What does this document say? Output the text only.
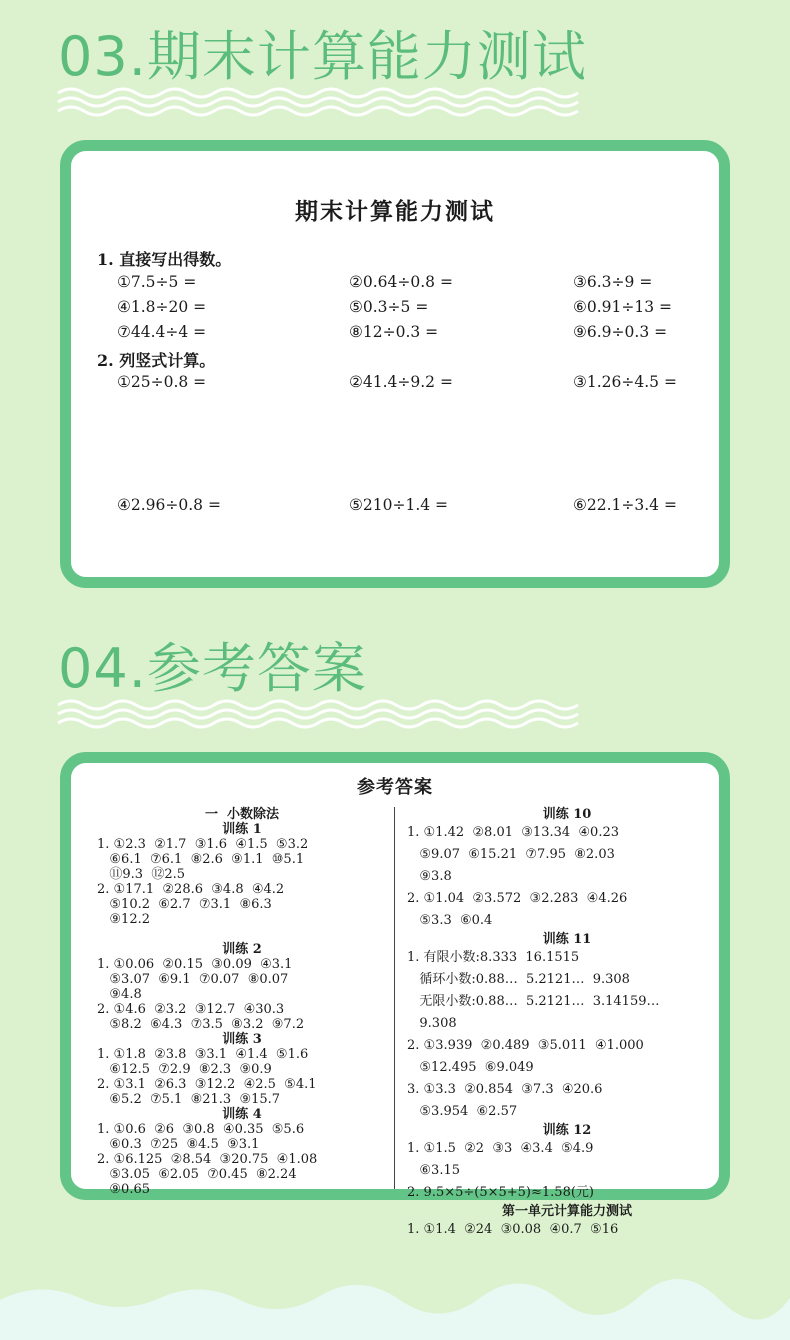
03.期末计算能力测试
期末计算能力测试
1. 直接写出得数。
①7.5÷5 =	②0.64÷0.8 =	③6.3÷9 =
④1.8÷20 =	⑤0.3÷5 =	⑥0.91÷13 =
⑦44.4÷4 =	⑧12÷0.3 =	⑨6.9÷0.3 =
2. 列竖式计算。
①25÷0.8 =	②41.4÷9.2 =	③1.26÷4.5 =
④2.96÷0.8 =	⑤210÷1.4 =	⑥22.1÷3.4 =
04.参考答案
参考答案
一  小数除法
训练 1
1. ①2.3  ②1.7  ③1.6  ④1.5  ⑤3.2
⑥6.1  ⑦6.1  ⑧2.6  ⑨1.1  ⑩5.1
⑪9.3  ⑫2.5
2. ①17.1  ②28.6  ③4.8  ④4.2
⑤10.2  ⑥2.7  ⑦3.1  ⑧6.3
⑨12.2
训练 2
1. ①0.06  ②0.15  ③0.09  ④3.1
⑤3.07  ⑥9.1  ⑦0.07  ⑧0.07
⑨4.8
2. ①4.6  ②3.2  ③12.7  ④30.3
⑤8.2  ⑥4.3  ⑦3.5  ⑧3.2  ⑨7.2
训练 3
1. ①1.8  ②3.8  ③3.1  ④1.4  ⑤1.6
⑥12.5  ⑦2.9  ⑧2.3  ⑨0.9
2. ①3.1  ②6.3  ③12.2  ④2.5  ⑤4.1
⑥5.2  ⑦5.1  ⑧21.3  ⑨15.7
训练 4
1. ①0.6  ②6  ③0.8  ④0.35  ⑤5.6
⑥0.3  ⑦25  ⑧4.5  ⑨3.1
2. ①6.125  ②8.54  ③20.75  ④1.08
⑤3.05  ⑥2.05  ⑦0.45  ⑧2.24
⑨0.65
训练 10
1. ①1.42  ②8.01  ③13.34  ④0.23
⑤9.07  ⑥15.21  ⑦7.95  ⑧2.03
⑨3.8
2. ①1.04  ②3.572  ③2.283  ④4.26
⑤3.3  ⑥0.4
训练 11
1. 有限小数:8.333  16.1515
循环小数:0.88…  5.2121…  9.308
无限小数:0.88…  5.2121…  3.14159…
9.308
2. ①3.939  ②0.489  ③5.011  ④1.000
⑤12.495  ⑥9.049
3. ①3.3  ②0.854  ③7.3  ④20.6
⑤3.954  ⑥2.57
训练 12
1. ①1.5  ②2  ③3  ④3.4  ⑤4.9
⑥3.15
2. 9.5×5÷(5×5+5)≈1.58(元)
第一单元计算能力测试
1. ①1.4  ②24  ③0.08  ④0.7  ⑤16
